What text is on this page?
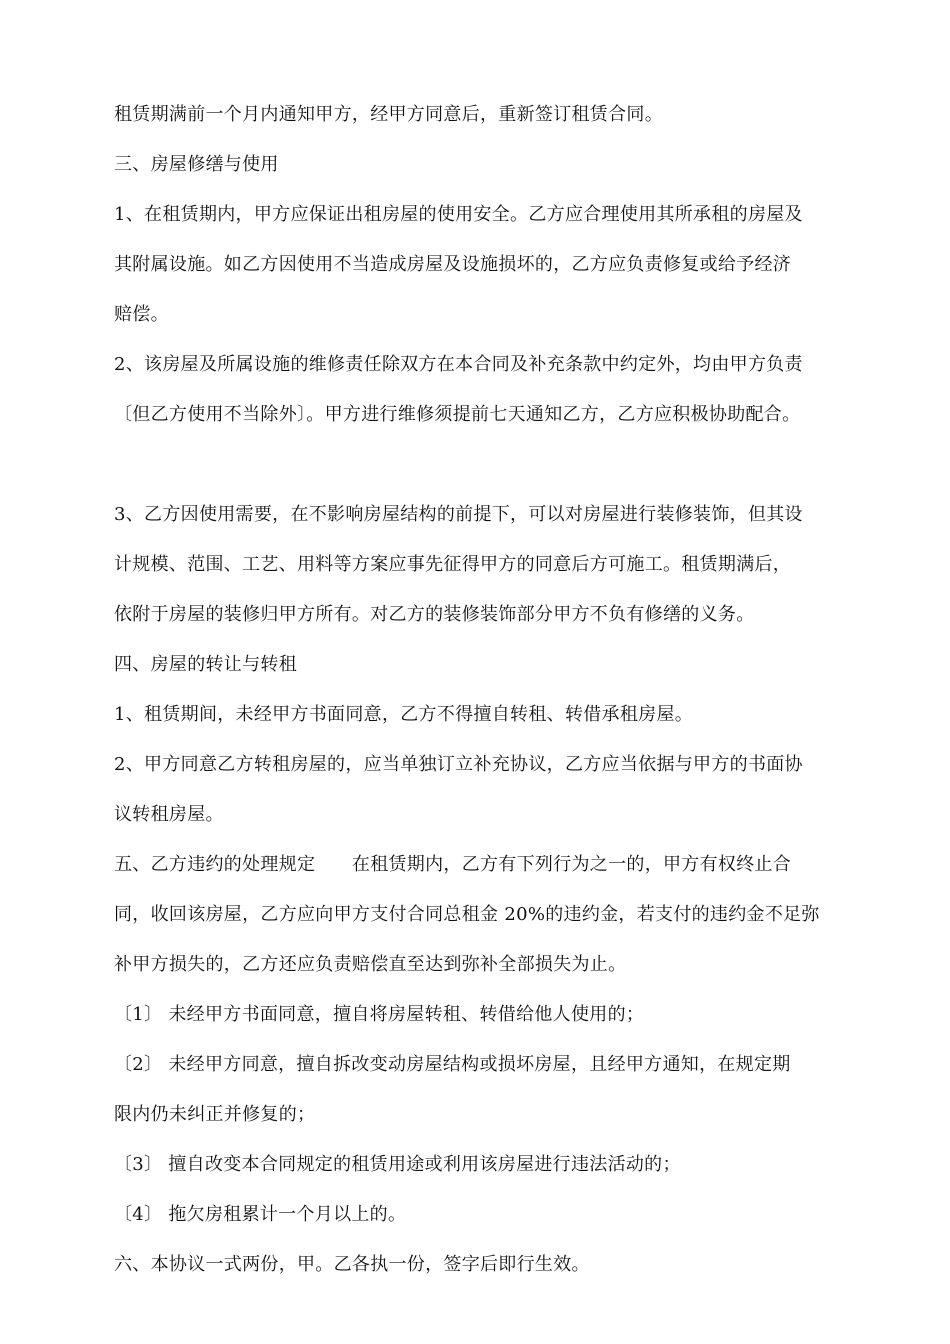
租赁期满前一个月内通知甲方，经甲方同意后，重新签订租赁合同。
三、房屋修缮与使用
1、在租赁期内，甲方应保证出租房屋的使用安全。乙方应合理使用其所承租的房屋及
其附属设施。如乙方因使用不当造成房屋及设施损坏的，乙方应负责修复或给予经济
赔偿。
2、该房屋及所属设施的维修责任除双方在本合同及补充条款中约定外，均由甲方负责
〔但乙方使用不当除外〕。甲方进行维修须提前七天通知乙方，乙方应积极协助配合。
3、乙方因使用需要，在不影响房屋结构的前提下，可以对房屋进行装修装饰，但其设
计规模、范围、工艺、用料等方案应事先征得甲方的同意后方可施工。租赁期满后，
依附于房屋的装修归甲方所有。对乙方的装修装饰部分甲方不负有修缮的义务。
四、房屋的转让与转租
1、租赁期间，未经甲方书面同意，乙方不得擅自转租、转借承租房屋。
2、甲方同意乙方转租房屋的，应当单独订立补充协议，乙方应当依据与甲方的书面协
议转租房屋。
五、乙方违约的处理规定　　在租赁期内，乙方有下列行为之一的，甲方有权终止合
同，收回该房屋，乙方应向甲方支付合同总租金 20%的违约金，若支付的违约金不足弥
补甲方损失的，乙方还应负责赔偿直至达到弥补全部损失为止。
〔1〕 未经甲方书面同意，擅自将房屋转租、转借给他人使用的；
〔2〕 未经甲方同意，擅自拆改变动房屋结构或损坏房屋，且经甲方通知，在规定期
限内仍未纠正并修复的；
〔3〕 擅自改变本合同规定的租赁用途或利用该房屋进行违法活动的；
〔4〕 拖欠房租累计一个月以上的。
六、本协议一式两份，甲。乙各执一份，签字后即行生效。
